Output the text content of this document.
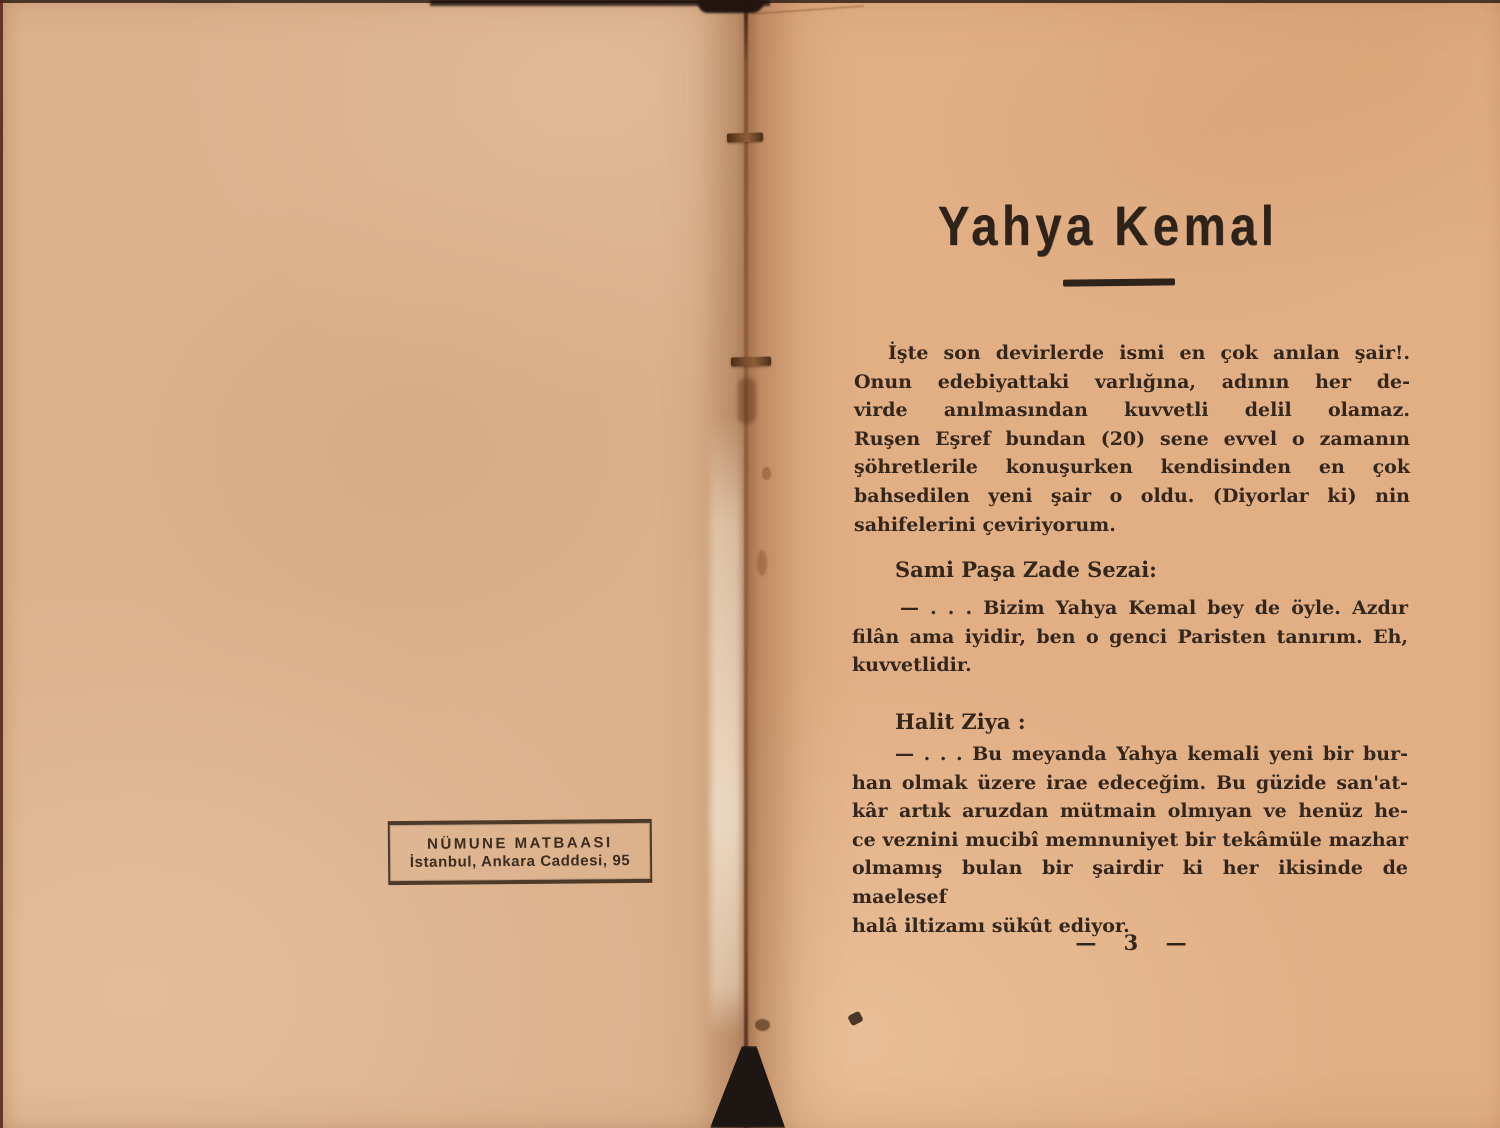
NÜMUNE MATBAASI
İstanbul, Ankara Caddesi, 95
Yahya Kemal
İşte son devirlerde ismi en çok anılan şair!.
Onun edebiyattaki varlığına, adının her de-
virde anılmasından kuvvetli delil olamaz.
Ruşen Eşref bundan (20) sene evvel o zamanın
şöhretlerile konuşurken kendisinden en çok
bahsedilen yeni şair o oldu. (Diyorlar ki) nin
sahifelerini çeviriyorum.
Sami Paşa Zade Sezai:
— . . . Bizim Yahya Kemal bey de öyle. Azdır
filân ama iyidir, ben o genci Paristen tanırım. Eh,
kuvvetlidir.
Halit Ziya :
— . . . Bu meyanda Yahya kemali yeni bir bur-
han olmak üzere irae edeceğim. Bu güzide san'at-
kâr artık aruzdan mütmain olmıyan ve henüz he-
ce veznini mucibî memnuniyet bir tekâmüle mazhar
olmamış bulan bir şairdir ki her ikisinde de maelesef
halâ iltizamı sükût ediyor.
— 3 —
